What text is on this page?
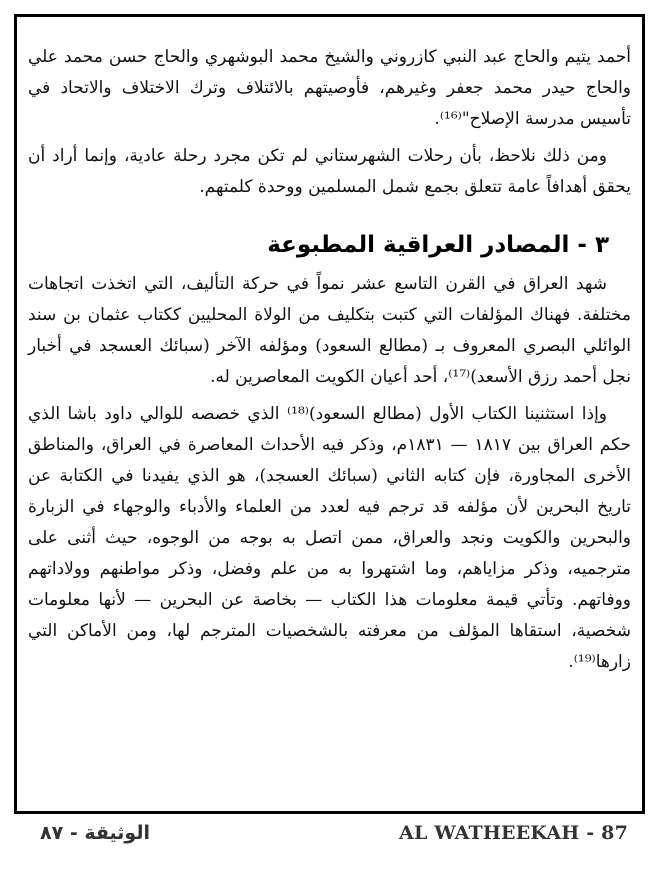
أحمد يتيم والحاج عبد النبي كازروني والشيخ محمد البوشهري والحاج حسن محمد علي والحاج حيدر محمد جعفر وغيرهم، فأوصيتهم بالائتلاف وترك الاختلاف والاتحاد في تأسيس مدرسة الإصلاح"⁽¹⁶⁾.

ومن ذلك نلاحظ، بأن رحلات الشهرستاني لم تكن مجرد رحلة عادية، وإنما أراد أن يحقق أهدافاً عامة تتعلق بجمع شمل المسلمين ووحدة كلمتهم.

٣ - المصادر العراقية المطبوعة

شهد العراق في القرن التاسع عشر نمواً في حركة التأليف، التي اتخذت اتجاهات مختلفة. فهناك المؤلفات التي كتبت بتكليف من الولاة المحليين ككتاب عثمان بن سند الوائلي البصري المعروف بـ (مطالع السعود) ومؤلفه الآخر (سبائك العسجد في أخبار نجل أحمد رزق الأسعد)⁽¹⁷⁾، أحد أعيان الكويت المعاصرين له.

وإذا استثنينا الكتاب الأول (مطالع السعود)⁽¹⁸⁾ الذي خصصه للوالي داود باشا الذي حكم العراق بين ١٨١٧ — ١٨٣١م، وذكر فيه الأحداث المعاصرة في العراق، والمناطق الأخرى المجاورة، فإن كتابه الثاني (سبائك العسجد)، هو الذي يفيدنا في الكتابة عن تاريخ البحرين لأن مؤلفه قد ترجم فيه لعدد من العلماء والأدباء والوجهاء في الزبارة والبحرين والكويت ونجد والعراق، ممن اتصل به بوجه من الوجوه، حيث أثنى على مترجميه، وذكر مزاياهم، وما اشتهروا به من علم وفضل، وذكر مواطنهم وولاداتهم ووفاتهم. وتأتي قيمة معلومات هذا الكتاب — بخاصة عن البحرين — لأنها معلومات شخصية، استقاها المؤلف من معرفته بالشخصيات المترجم لها، ومن الأماكن التي زارها⁽¹⁹⁾.

AL WATHEEKAH - 87
الوثيقة - ٨٧
